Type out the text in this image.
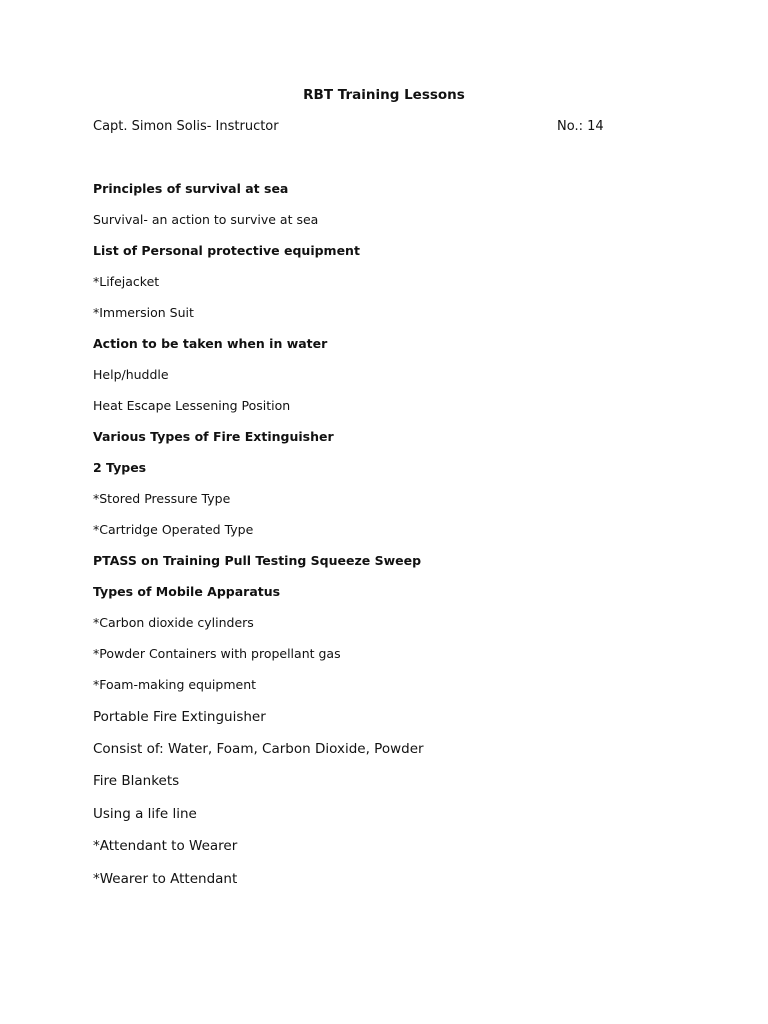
RBT Training Lessons
Capt. Simon Solis- Instructor	No.: 14

Principles of survival at sea

Survival- an action to survive at sea

List of Personal protective equipment

*Lifejacket

*Immersion Suit

Action to be taken when in water

Help/huddle

Heat Escape Lessening Position

Various Types of Fire Extinguisher

2 Types

*Stored Pressure Type

*Cartridge Operated Type

PTASS on Training Pull Testing Squeeze Sweep

Types of Mobile Apparatus

*Carbon dioxide cylinders

*Powder Containers with propellant gas

*Foam-making equipment

Portable Fire Extinguisher

Consist of: Water, Foam, Carbon Dioxide, Powder

Fire Blankets

Using a life line

*Attendant to Wearer

*Wearer to Attendant
